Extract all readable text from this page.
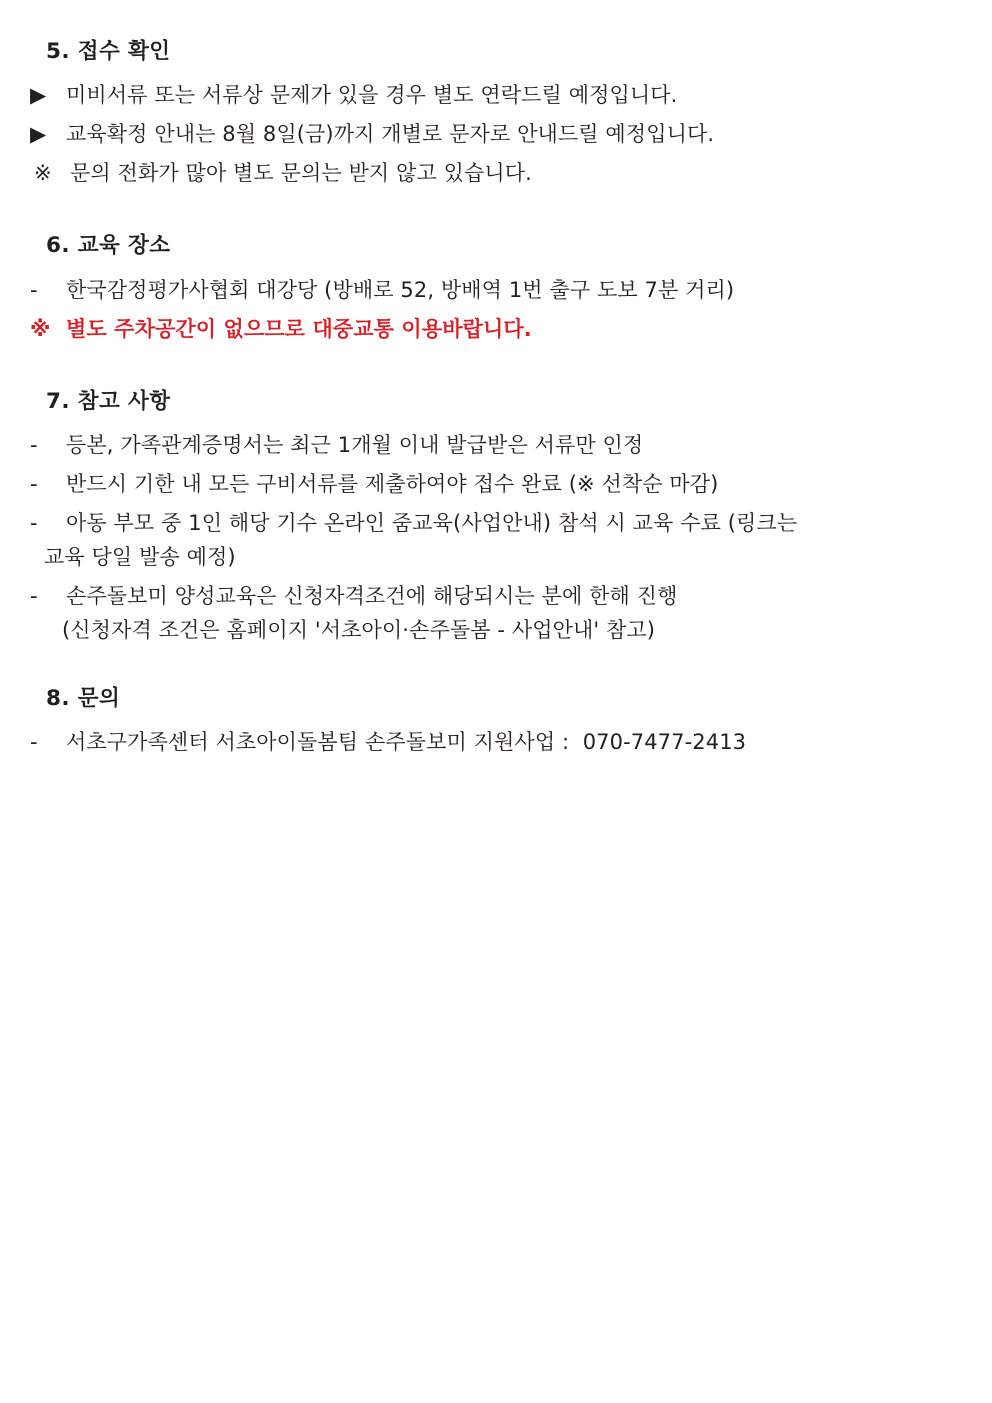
5. 접수 확인

▶ 미비서류 또는 서류상 문제가 있을 경우 별도 연락드릴 예정입니다.

▶ 교육확정 안내는 8월 8일(금)까지 개별로 문자로 안내드릴 예정입니다.

※ 문의 전화가 많아 별도 문의는 받지 않고 있습니다.

6. 교육 장소

- 한국감정평가사협회 대강당 (방배로 52, 방배역 1번 출구 도보 7분 거리)

※ 별도 주차공간이 없으므로 대중교통 이용바랍니다.

7. 참고 사항

- 등본, 가족관계증명서는 최근 1개월 이내 발급받은 서류만 인정

- 반드시 기한 내 모든 구비서류를 제출하여야 접수 완료 (※ 선착순 마감)

- 아동 부모 중 1인 해당 기수 온라인 줌교육(사업안내) 참석 시 교육 수료 (링크는

교육 당일 발송 예정)

- 손주돌보미 양성교육은 신청자격조건에 해당되시는 분에 한해 진행

(신청자격 조건은 홈페이지 '서초아이·손주돌봄 - 사업안내' 참고)

8. 문의

- 서초구가족센터 서초아이돌봄팀 손주돌보미 지원사업 :  070-7477-2413
